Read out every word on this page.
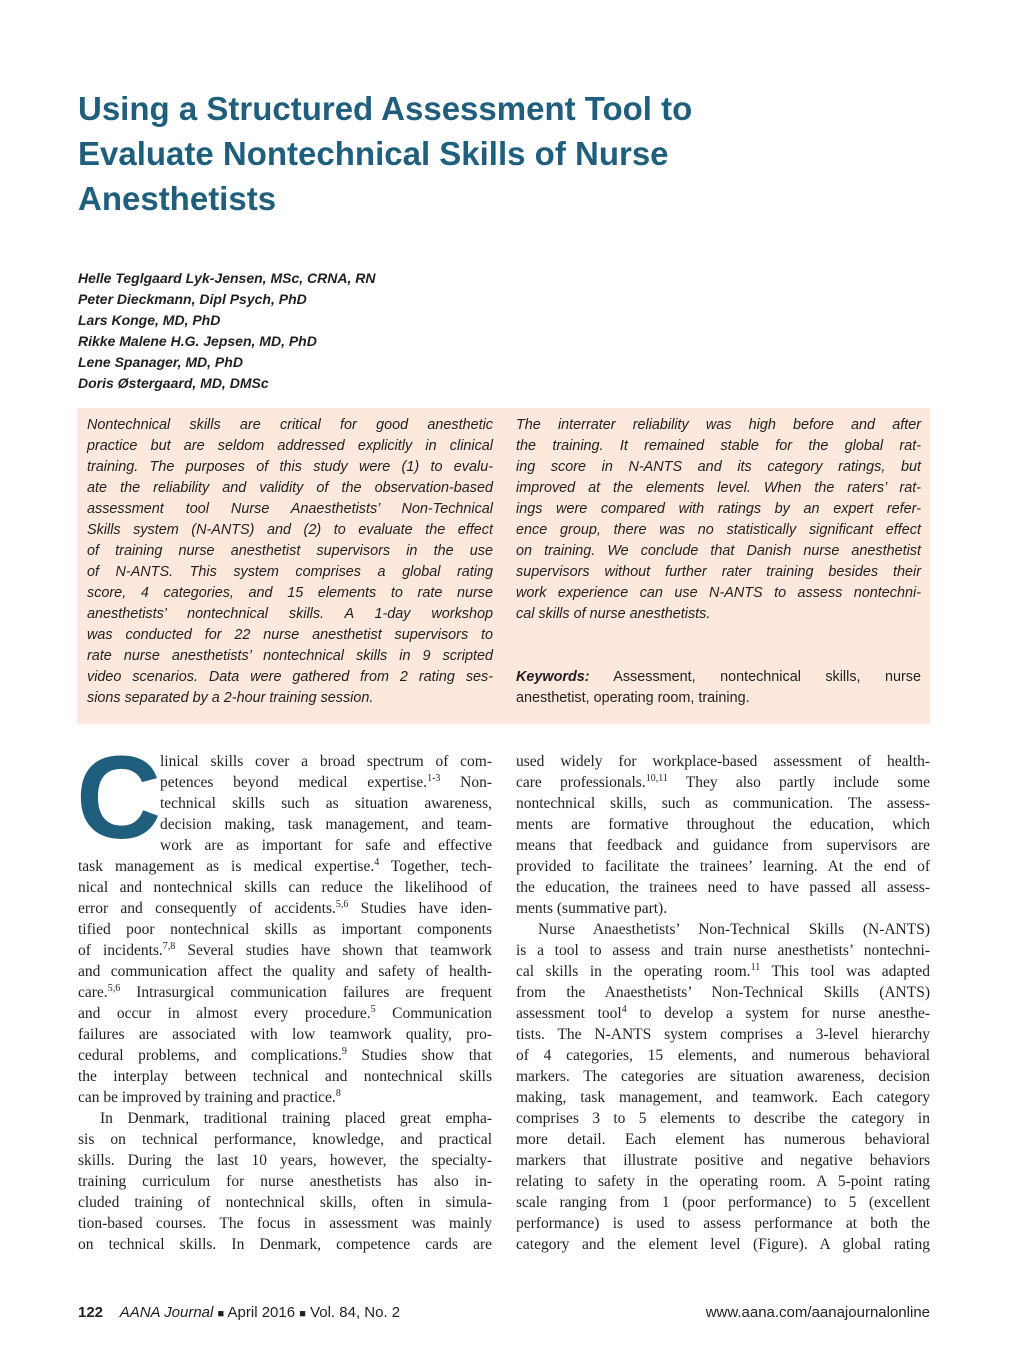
Using a Structured Assessment Tool to
Evaluate Nontechnical Skills of Nurse
Anesthetists
Helle Teglgaard Lyk-Jensen, MSc, CRNA, RN
Peter Dieckmann, Dipl Psych, PhD
Lars Konge, MD, PhD
Rikke Malene H.G. Jepsen, MD, PhD
Lene Spanager, MD, PhD
Doris Østergaard, MD, DMSc
Nontechnical skills are critical for good anesthetic
practice but are seldom addressed explicitly in clinical
training. The purposes of this study were (1) to evalu-
ate the reliability and validity of the observation-based
assessment tool Nurse Anaesthetists’ Non-Technical
Skills system (N-ANTS) and (2) to evaluate the effect
of training nurse anesthetist supervisors in the use
of N-ANTS. This system comprises a global rating
score, 4 categories, and 15 elements to rate nurse
anesthetists’ nontechnical skills. A 1-day workshop
was conducted for 22 nurse anesthetist supervisors to
rate nurse anesthetists’ nontechnical skills in 9 scripted
video scenarios. Data were gathered from 2 rating ses-
sions separated by a 2-hour training session.
The interrater reliability was high before and after
the training. It remained stable for the global rat-
ing score in N-ANTS and its category ratings, but
improved at the elements level. When the raters’ rat-
ings were compared with ratings by an expert refer-
ence group, there was no statistically significant effect
on training. We conclude that Danish nurse anesthetist
supervisors without further rater training besides their
work experience can use N-ANTS to assess nontechni-
cal skills of nurse anesthetists.
Keywords: Assessment, nontechnical skills, nurse
anesthetist, operating room, training.
C
linical skills cover a broad spectrum of com-
petences beyond medical expertise.$^{1-3}$ Non-
technical skills such as situation awareness,
decision making, task management, and team-
work are as important for safe and effective
task management as is medical expertise.$^4$ Together, tech-
nical and nontechnical skills can reduce the likelihood of
error and consequently of accidents.$^{5,6}$ Studies have iden-
tified poor nontechnical skills as important components
of incidents.$^{7,8}$ Several studies have shown that teamwork
and communication affect the quality and safety of health-
care.$^{5,6}$ Intrasurgical communication failures are frequent
and occur in almost every procedure.$^5$ Communication
failures are associated with low teamwork quality, pro-
cedural problems, and complications.$^9$ Studies show that
the interplay between technical and nontechnical skills
can be improved by training and practice.$^8$
In Denmark, traditional training placed great empha-
sis on technical performance, knowledge, and practical
skills. During the last 10 years, however, the specialty-
training curriculum for nurse anesthetists has also in-
cluded training of nontechnical skills, often in simula-
tion-based courses. The focus in assessment was mainly
on technical skills. In Denmark, competence cards are
used widely for workplace-based assessment of health-
care professionals.$^{10,11}$ They also partly include some
nontechnical skills, such as communication. The assess-
ments are formative throughout the education, which
means that feedback and guidance from supervisors are
provided to facilitate the trainees’ learning. At the end of
the education, the trainees need to have passed all assess-
ments (summative part).
Nurse Anaesthetists’ Non-Technical Skills (N-ANTS)
is a tool to assess and train nurse anesthetists’ nontechni-
cal skills in the operating room.$^{11}$ This tool was adapted
from the Anaesthetists’ Non-Technical Skills (ANTS)
assessment tool$^4$ to develop a system for nurse anesthe-
tists. The N-ANTS system comprises a 3-level hierarchy
of 4 categories, 15 elements, and numerous behavioral
markers. The categories are situation awareness, decision
making, task management, and teamwork. Each category
comprises 3 to 5 elements to describe the category in
more detail. Each element has numerous behavioral
markers that illustrate positive and negative behaviors
relating to safety in the operating room. A 5-point rating
scale ranging from 1 (poor performance) to 5 (excellent
performance) is used to assess performance at both the
category and the element level (Figure). A global rating
122 AANA Journal ■ April 2016 ■ Vol. 84, No. 2	www.aana.com/aanajournalonline
